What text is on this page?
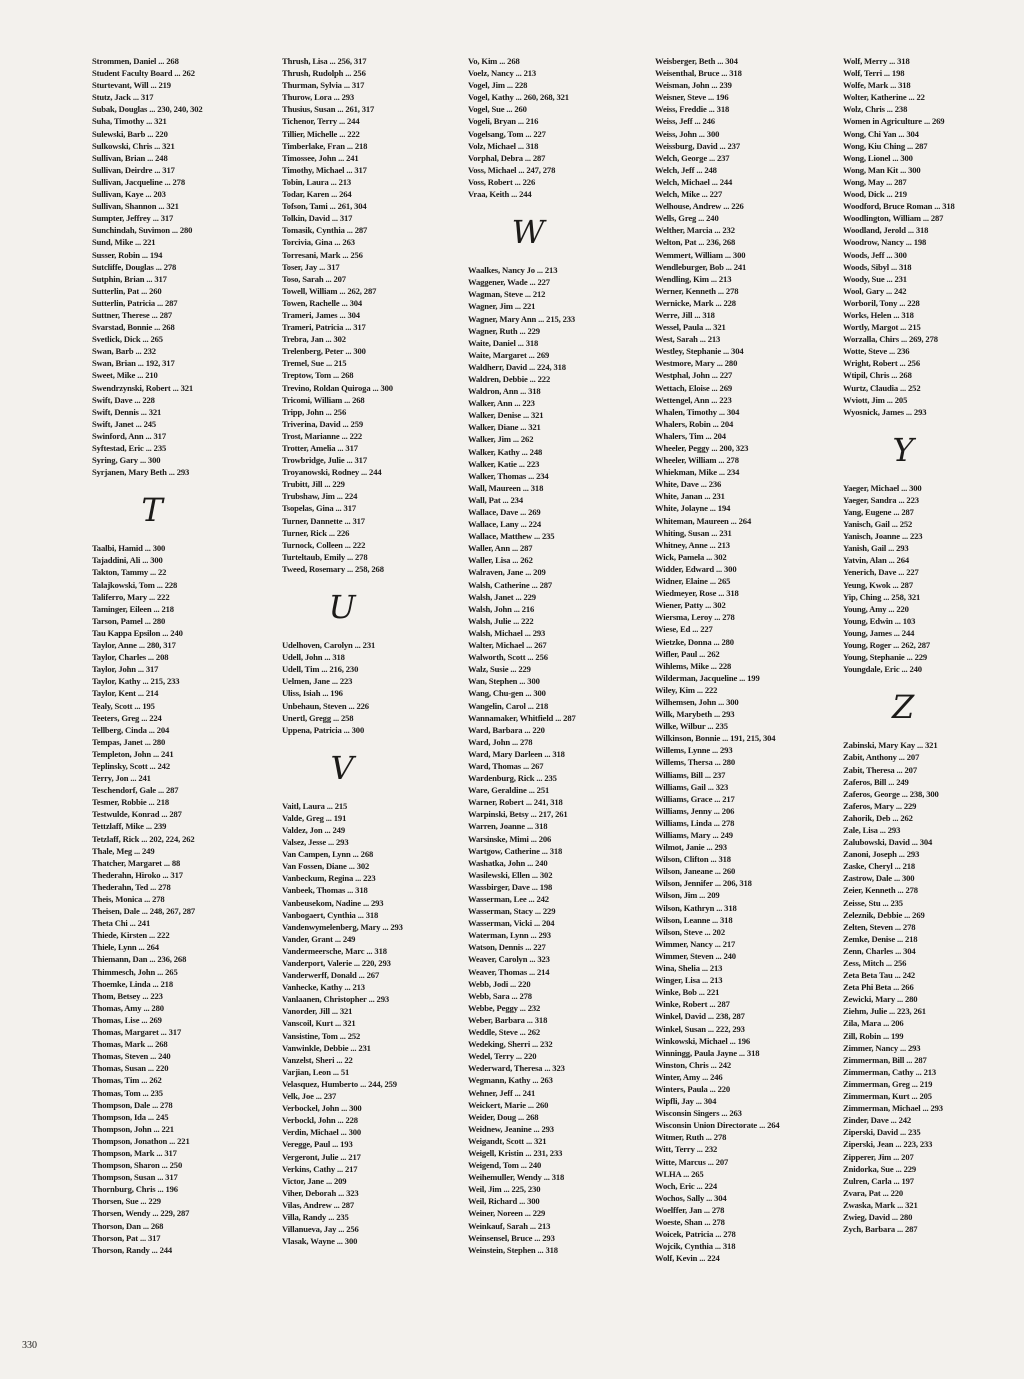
Strommen, Daniel ... 268
Student Faculty Board ... 262
Sturtevant, Will ... 219
Stutz, Jack ... 317
Subak, Douglas ... 230, 240, 302
Suha, Timothy ... 321
Sulewski, Barb ... 220
Sulkowski, Chris ... 321
Sullivan, Brian ... 248
Sullivan, Deirdre ... 317
Sullivan, Jacqueline ... 278
Sullivan, Kaye ... 203
Sullivan, Shannon ... 321
Sumpter, Jeffrey ... 317
Sunchindah, Suvimon ... 280
Sund, Mike ... 221
Susser, Robin ... 194
Sutcliffe, Douglas ... 278
Sutphin, Brian ... 317
Sutterlin, Pat ... 260
Sutterlin, Patricia ... 287
Suttner, Therese ... 287
Svarstad, Bonnie ... 268
Svetlick, Dick ... 265
Swan, Barb ... 232
Swan, Brian ... 192, 317
Sweet, Mike ... 210
Swendrzynski, Robert ... 321
Swift, Dave ... 228
Swift, Dennis ... 321
Swift, Janet ... 245
Swinford, Ann ... 317
Syftestad, Eric ... 235
Syring, Gary ... 300
Syrjanen, Mary Beth ... 293
T
Taalbi, Hamid ... 300
Tajaddini, Ali ... 300
Takton, Tammy ... 22
Talajkowski, Tom ... 228
Taliferro, Mary ... 222
Taminger, Eileen ... 218
Tarson, Pamel ... 280
Tau Kappa Epsilon ... 240
Taylor, Anne ... 280, 317
Taylor, Charles ... 208
Taylor, John ... 317
Taylor, Kathy ... 215, 233
Taylor, Kent ... 214
Tealy, Scott ... 195
Teeters, Greg ... 224
Tellberg, Cinda ... 204
Tempas, Janet ... 280
Templeton, John ... 241
Teplinsky, Scott ... 242
Terry, Jon ... 241
Teschendorf, Gale ... 287
Tesmer, Robbie ... 218
Testwulde, Konrad ... 287
Tettzlaff, Mike ... 239
Tetzlaff, Rick ... 202, 224, 262
Thale, Meg ... 249
Thatcher, Margaret ... 88
Thederahn, Hiroko ... 317
Thederahn, Ted ... 278
Theis, Monica ... 278
Theisen, Dale ... 248, 267, 287
Theta Chi ... 241
Thiede, Kirsten ... 222
Thiele, Lynn ... 264
Thiemann, Dan ... 236, 268
Thimmesch, John ... 265
Thoemke, Linda ... 218
Thom, Betsey ... 223
Thomas, Amy ... 280
Thomas, Lise ... 269
Thomas, Margaret ... 317
Thomas, Mark ... 268
Thomas, Steven ... 240
Thomas, Susan ... 220
Thomas, Tim ... 262
Thomas, Tom ... 235
Thompson, Dale ... 278
Thompson, Ida ... 245
Thompson, John ... 221
Thompson, Jonathon ... 221
Thompson, Mark ... 317
Thompson, Sharon ... 250
Thompson, Susan ... 317
Thornburg, Chris ... 196
Thorsen, Sue ... 229
Thorsen, Wendy ... 229, 287
Thorson, Dan ... 268
Thorson, Pat ... 317
Thorson, Randy ... 244
Thrush, Lisa ... 256, 317
Thrush, Rudolph ... 256
Thurman, Sylvia ... 317
Thurow, Lora ... 293
Thusius, Susan ... 261, 317
Tichenor, Terry ... 244
Tillier, Michelle ... 222
Timberlake, Fran ... 218
Timossee, John ... 241
Timothy, Michael ... 317
Tobin, Laura ... 213
Todar, Karen ... 264
Tofson, Tami ... 261, 304
Tolkin, David ... 317
Tomasik, Cynthia ... 287
Torcivia, Gina ... 263
Torresani, Mark ... 256
Toser, Jay ... 317
Toso, Sarah ... 207
Towell, William ... 262, 287
Towen, Rachelle ... 304
Trameri, James ... 304
Trameri, Patricia ... 317
Trebra, Jan ... 302
Trelenberg, Peter ... 300
Tremel, Sue ... 215
Treptow, Tom ... 268
Trevino, Roldan Quiroga ... 300
Tricomi, William ... 268
Tripp, John ... 256
Triverina, David ... 259
Trost, Marianne ... 222
Trotter, Amelia ... 317
Trowbridge, Julie ... 317
Troyanowski, Rodney ... 244
Trubitt, Jill ... 229
Trubshaw, Jim ... 224
Tsopelas, Gina ... 317
Turner, Dannette ... 317
Turner, Rick ... 226
Turnock, Colleen ... 222
Turteltaub, Emily ... 278
Tweed, Rosemary ... 258, 268
U
Udelhoven, Carolyn ... 231
Udell, John ... 318
Udell, Tim ... 216, 230
Uelmen, Jane ... 223
Uliss, Isiah ... 196
Unbehaun, Steven ... 226
Unertl, Gregg ... 258
Uppena, Patricia ... 300
V
Vaitl, Laura ... 215
Valde, Greg ... 191
Valdez, Jon ... 249
Valsez, Jesse ... 293
Van Campen, Lynn ... 268
Van Fossen, Diane ... 302
Vanbeckum, Regina ... 223
Vanbeek, Thomas ... 318
Vanbeusekom, Nadine ... 293
Vanbogaert, Cynthia ... 318
Vandenwymelenberg, Mary ... 293
Vander, Grant ... 249
Vandermeersche, Marc ... 318
Vanderport, Valerie ... 220, 293
Vanderwerff, Donald ... 267
Vanhecke, Kathy ... 213
Vanlaanen, Christopher ... 293
Vanorder, Jill ... 321
Vanscoil, Kurt ... 321
Vansistine, Tom ... 252
Vanwinkle, Debbie ... 231
Vanzelst, Sheri ... 22
Varjian, Leon ... 51
Velasquez, Humberto ... 244, 259
Velk, Joe ... 237
Verbockel, John ... 300
Verbockl, John ... 228
Verdin, Michael ... 300
Veregge, Paul ... 193
Vergeront, Julie ... 217
Verkins, Cathy ... 217
Victor, Jane ... 209
Viher, Deborah ... 323
Vilas, Andrew ... 287
Villa, Randy ... 235
Villanueva, Jay ... 256
Vlasak, Wayne ... 300
Vo, Kim ... 268
Voelz, Nancy ... 213
Vogel, Jim ... 228
Vogel, Kathy ... 260, 268, 321
Vogel, Sue ... 260
Vogeli, Bryan ... 216
Vogelsang, Tom ... 227
Volz, Michael ... 318
Vorphal, Debra ... 287
Voss, Michael ... 247, 278
Voss, Robert ... 226
Vraa, Keith ... 244
W
Waalkes, Nancy Jo ... 213
Waggener, Wade ... 227
Wagman, Steve ... 212
Wagner, Jim ... 221
Wagner, Mary Ann ... 215, 233
Wagner, Ruth ... 229
Waite, Daniel ... 318
Waite, Margaret ... 269
Waldherr, David ... 224, 318
Waldren, Debbie ... 222
Waldron, Ann ... 318
Walker, Ann ... 223
Walker, Denise ... 321
Walker, Diane ... 321
Walker, Jim ... 262
Walker, Kathy ... 248
Walker, Katie ... 223
Walker, Thomas ... 234
Wall, Maureen ... 318
Wall, Pat ... 234
Wallace, Dave ... 269
Wallace, Lany ... 224
Wallace, Matthew ... 235
Waller, Ann ... 287
Waller, Lisa ... 262
Walraven, Jane ... 209
Walsh, Catherine ... 287
Walsh, Janet ... 229
Walsh, John ... 216
Walsh, Julie ... 222
Walsh, Michael ... 293
Walter, Michael ... 267
Walworth, Scott ... 256
Walz, Susie ... 229
Wan, Stephen ... 300
Wang, Chu-gen ... 300
Wangelin, Carol ... 218
Wannamaker, Whitfield ... 287
Ward, Barbara ... 220
Ward, John ... 278
Ward, Mary Darleen ... 318
Ward, Thomas ... 267
Wardenburg, Rick ... 235
Ware, Geraldine ... 251
Warner, Robert ... 241, 318
Warpinski, Betsy ... 217, 261
Warren, Joanne ... 318
Warsinske, Mimi ... 206
Wartgow, Catherine ... 318
Washatka, John ... 240
Wasilewski, Ellen ... 302
Wassbirger, Dave ... 198
Wasserman, Lee ... 242
Wasserman, Stacy ... 229
Wasserman, Vicki ... 204
Waterman, Lynn ... 293
Watson, Dennis ... 227
Weaver, Carolyn ... 323
Weaver, Thomas ... 214
Webb, Jodi ... 220
Webb, Sara ... 278
Webbe, Peggy ... 232
Weber, Barbara ... 318
Weddle, Steve ... 262
Wedeking, Sherri ... 232
Wedel, Terry ... 220
Wederward, Theresa ... 323
Wegmann, Kathy ... 263
Wehner, Jeff ... 241
Weickert, Marie ... 260
Weider, Doug ... 268
Weidnew, Jeanine ... 293
Weigandt, Scott ... 321
Weigell, Kristin ... 231, 233
Weigend, Tom ... 240
Weihemuller, Wendy ... 318
Weil, Jim ... 225, 230
Weil, Richard ... 300
Weiner, Noreen ... 229
Weinkauf, Sarah ... 213
Weinsensel, Bruce ... 293
Weinstein, Stephen ... 318
Weisberger, Beth ... 304
Weisenthal, Bruce ... 318
Weisman, John ... 239
Weisner, Steve ... 196
Weiss, Freddie ... 318
Weiss, Jeff ... 246
Weiss, John ... 300
Weissburg, David ... 237
Welch, George ... 237
Welch, Jeff ... 248
Welch, Michael ... 244
Welch, Mike ... 227
Welhouse, Andrew ... 226
Wells, Greg ... 240
Welther, Marcia ... 232
Welton, Pat ... 236, 268
Wemmert, William ... 300
Wendleburger, Bob ... 241
Wendling, Kim ... 213
Werner, Kenneth ... 278
Wernicke, Mark ... 228
Werre, Jill ... 318
Wessel, Paula ... 321
West, Sarah ... 213
Westley, Stephanie ... 304
Westmore, Mary ... 280
Westphal, John ... 227
Wettach, Eloise ... 269
Wettengel, Ann ... 223
Whalen, Timothy ... 304
Whalers, Robin ... 204
Whalers, Tim ... 204
Wheeler, Peggy ... 200, 323
Wheeler, William ... 278
Whiekman, Mike ... 234
White, Dave ... 236
White, Janan ... 231
White, Jolayne ... 194
Whiteman, Maureen ... 264
Whiting, Susan ... 231
Whitney, Anne ... 213
Wick, Pamela ... 302
Widder, Edward ... 300
Widner, Elaine ... 265
Wiedmeyer, Rose ... 318
Wiener, Patty ... 302
Wiersma, Leroy ... 278
Wiese, Ed ... 227
Wietzke, Donna ... 280
Wifler, Paul ... 262
Wihlems, Mike ... 228
Wilderman, Jacqueline ... 199
Wiley, Kim ... 222
Wilhemsen, John ... 300
Wilk, Marybeth ... 293
Wilke, Wilbur ... 235
Wilkinson, Bonnie ... 191, 215, 304
Willems, Lynne ... 293
Willems, Thersa ... 280
Williams, Bill ... 237
Williams, Gail ... 323
Williams, Grace ... 217
Williams, Jenny ... 206
Williams, Linda ... 278
Williams, Mary ... 249
Wilmot, Janie ... 293
Wilson, Clifton ... 318
Wilson, Janeane ... 260
Wilson, Jennifer ... 206, 318
Wilson, Jim ... 209
Wilson, Kathryn ... 318
Wilson, Leanne ... 318
Wilson, Steve ... 202
Wimmer, Nancy ... 217
Wimmer, Steven ... 240
Wina, Shelia ... 213
Winger, Lisa ... 213
Winke, Bob ... 221
Winke, Robert ... 287
Winkel, David ... 238, 287
Winkel, Susan ... 222, 293
Winkowski, Michael ... 196
Winningg, Paula Jayne ... 318
Winston, Chris ... 242
Winter, Amy ... 246
Winters, Paula ... 220
Wipfli, Jay ... 304
Wisconsin Singers ... 263
Wisconsin Union Directorate ... 264
Witmer, Ruth ... 278
Witt, Terry ... 232
Witte, Marcus ... 207
WLHA ... 265
Woch, Eric ... 224
Wochos, Sally ... 304
Woelffer, Jan ... 278
Woeste, Shan ... 278
Woicek, Patricia ... 278
Wojcik, Cynthia ... 318
Wolf, Kevin ... 224
Wolf, Merry ... 318
Wolf, Terri ... 198
Wolfe, Mark ... 318
Wolter, Katherine ... 22
Wolz, Chris ... 238
Women in Agriculture ... 269
Wong, Chi Yan ... 304
Wong, Kiu Ching ... 287
Wong, Lionel ... 300
Wong, Man Kit ... 300
Wong, May ... 287
Wood, Dick ... 219
Woodford, Bruce Roman ... 318
Woodlington, William ... 287
Woodland, Jerold ... 318
Woodrow, Nancy ... 198
Woods, Jeff ... 300
Woods, Sibyl ... 318
Woody, Sue ... 231
Wool, Gary ... 242
Worboril, Tony ... 228
Works, Helen ... 318
Wortly, Margot ... 215
Worzalla, Chirs ... 269, 278
Wotte, Steve ... 236
Wright, Robert ... 256
Wtipil, Chris ... 268
Wurtz, Claudia ... 252
Wviott, Jim ... 205
Wyosnick, James ... 293
Y
Yaeger, Michael ... 300
Yaeger, Sandra ... 223
Yang, Eugene ... 287
Yanisch, Gail ... 252
Yanisch, Joanne ... 223
Yanish, Gail ... 293
Yatvin, Alan ... 264
Yenerich, Dave ... 227
Yeung, Kwok ... 287
Yip, Ching ... 258, 321
Young, Amy ... 220
Young, Edwin ... 103
Young, James ... 244
Young, Roger ... 262, 287
Young, Stephanie ... 229
Youngdale, Eric ... 240
Z
Zabinski, Mary Kay ... 321
Zabit, Anthony ... 207
Zabit, Theresa ... 207
Zaferos, Bill ... 249
Zaferos, George ... 238, 300
Zaferos, Mary ... 229
Zahorik, Deb ... 262
Zale, Lisa ... 293
Zalubowski, David ... 304
Zanoni, Joseph ... 293
Zaske, Cheryl ... 218
Zastrow, Dale ... 300
Zeier, Kenneth ... 278
Zeisse, Stu ... 235
Zeleznik, Debbie ... 269
Zelten, Steven ... 278
Zemke, Denise ... 218
Zenn, Charles ... 304
Zess, Mitch ... 256
Zeta Beta Tau ... 242
Zeta Phi Beta ... 266
Zewicki, Mary ... 280
Ziehm, Julie ... 223, 261
Zila, Mara ... 206
Zill, Robin ... 199
Zimmer, Nancy ... 293
Zimmerman, Bill ... 287
Zimmerman, Cathy ... 213
Zimmerman, Greg ... 219
Zimmerman, Kurt ... 205
Zimmerman, Michael ... 293
Zinder, Dave ... 242
Ziperski, David ... 235
Ziperski, Jean ... 223, 233
Zipperer, Jim ... 207
Znidorka, Sue ... 229
Zulren, Carla ... 197
Zvara, Pat ... 220
Zwaska, Mark ... 321
Zwieg, David ... 280
Zych, Barbara ... 287
330
